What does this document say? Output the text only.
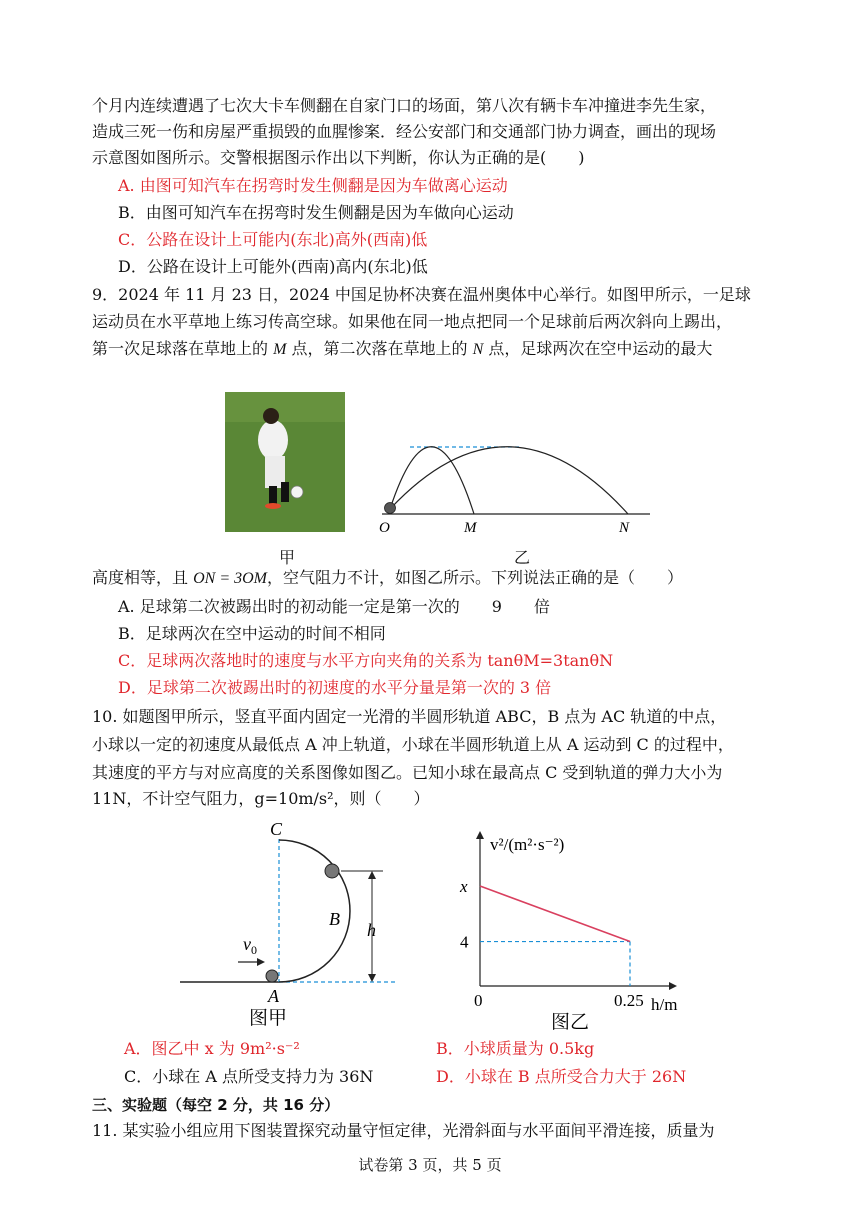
个月内连续遭遇了七次大卡车侧翻在自家门口的场面，第八次有辆卡车冲撞进李先生家，
造成三死一伤和房屋严重损毁的血腥惨案．经公安部门和交通部门协力调查，画出的现场
示意图如图所示。交警根据图示作出以下判断，你认为正确的是(　　)
A. 由图可知汽车在拐弯时发生侧翻是因为车做离心运动
B．由图可知汽车在拐弯时发生侧翻是因为车做向心运动
C．公路在设计上可能内(东北)高外(西南)低
D．公路在设计上可能外(西南)高内(东北)低
9．2024 年 11 月 23 日，2024 中国足协杯决赛在温州奥体中心举行。如图甲所示，一足球
运动员在水平草地上练习传高空球。如果他在同一地点把同一个足球前后两次斜向上踢出，
第一次足球落在草地上的 M 点，第二次落在草地上的 N 点，足球两次在空中运动的最大
甲
O	M	N
乙
高度相等，且 ON = 3OM，空气阻力不计，如图乙所示。下列说法正确的是（　　）
A. 足球第二次被踢出时的初动能一定是第一次的　　9　　倍
B．足球两次在空中运动的时间不相同
C．足球两次落地时的速度与水平方向夹角的关系为 tanθM=3tanθN
D．足球第二次被踢出时的初速度的水平分量是第一次的 3 倍
10. 如题图甲所示，竖直平面内固定一光滑的半圆形轨道 ABC，B 点为 AC 轨道的中点，
小球以一定的初速度从最低点 A 冲上轨道，小球在半圆形轨道上从 A 运动到 C 的过程中，
其速度的平方与对应高度的关系图像如图乙。已知小球在最高点 C 受到轨道的弹力大小为
11N，不计空气阻力，g=10m/s²，则（　　）
C
B
A
h
$v_0$
图甲
v²/(m²·s⁻²)
h/m
x
4
0	0.25
图乙
A．图乙中 x 为 9m²·s⁻²	B．小球质量为 0.5kg
C．小球在 A 点所受支持力为 36N	D．小球在 B 点所受合力大于 26N
三、实验题（每空 2 分，共 16 分）
11. 某实验小组应用下图装置探究动量守恒定律，光滑斜面与水平面间平滑连接，质量为
试卷第 3 页，共 5 页
